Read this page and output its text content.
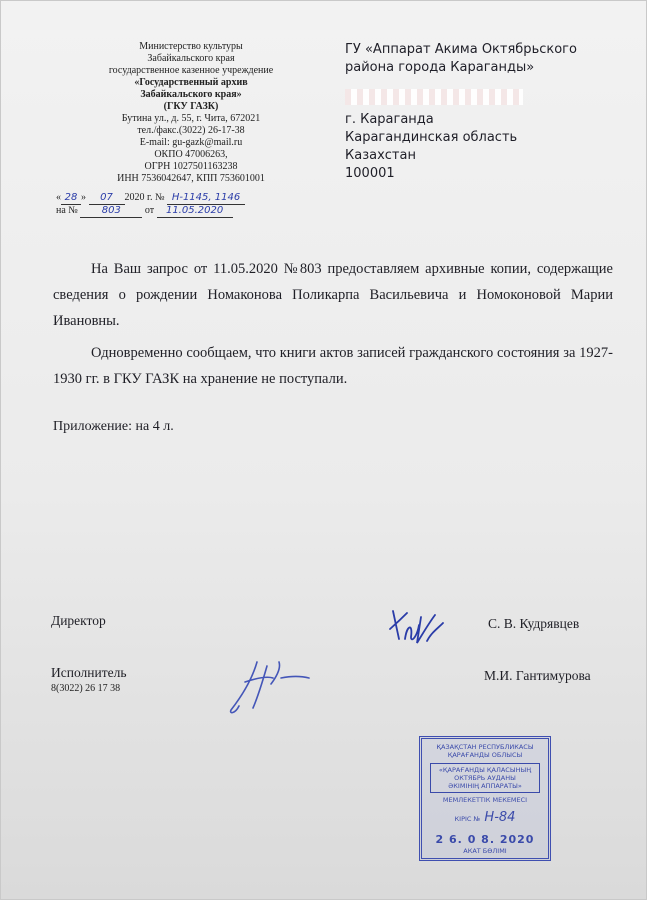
Министерство культуры
Забайкальского края
государственное казенное учреждение
«Государственный архив
Забайкальского края»
(ГКУ ГАЗК)
Бутина ул., д. 55, г. Чита, 672021
тел./факс.(3022) 26-17-38
E-mail: gu-gazk@mail.ru
ОКПО 47006263,
ОГРН 1027501163238
ИНН 7536042647, КПП 753601001
« 28 » 07 2020 г. № Н-1145, 1146
на № 803 от 11.05.2020
ГУ «Аппарат Акима Октябрьского
района города Караганды»
г. Караганда
Карагандинская область
Казахстан
100001

На Ваш запрос от 11.05.2020 №803 предоставляем архивные копии, содержащие сведения о рождении Номаконова Поликарпа Васильевича и Номоконовой Марии Ивановны.

Одновременно сообщаем, что книги актов записей гражданского состояния за 1927-1930 гг. в ГКУ ГАЗК на хранение не поступали.

Приложение: на 4 л.
Директор	С. В. Кудрявцев
Исполнитель
8(3022) 26 17 38
М.И. Гантимурова
ҚАЗАҚСТАН РЕСПУБЛИКАСЫ
ҚАРАҒАНДЫ ОБЛЫСЫ
«ҚАРАҒАНДЫ ҚАЛАСЫНЫҢ
ОКТЯБРЬ АУДАНЫ
ӘКІМІНІҢ АППАРАТЫ»
МЕМЛЕКЕТТІК МЕКЕМЕСІ
КІРІС № Н-84
2 6. 0 8. 2020
АКАТ БӨЛІМІ
